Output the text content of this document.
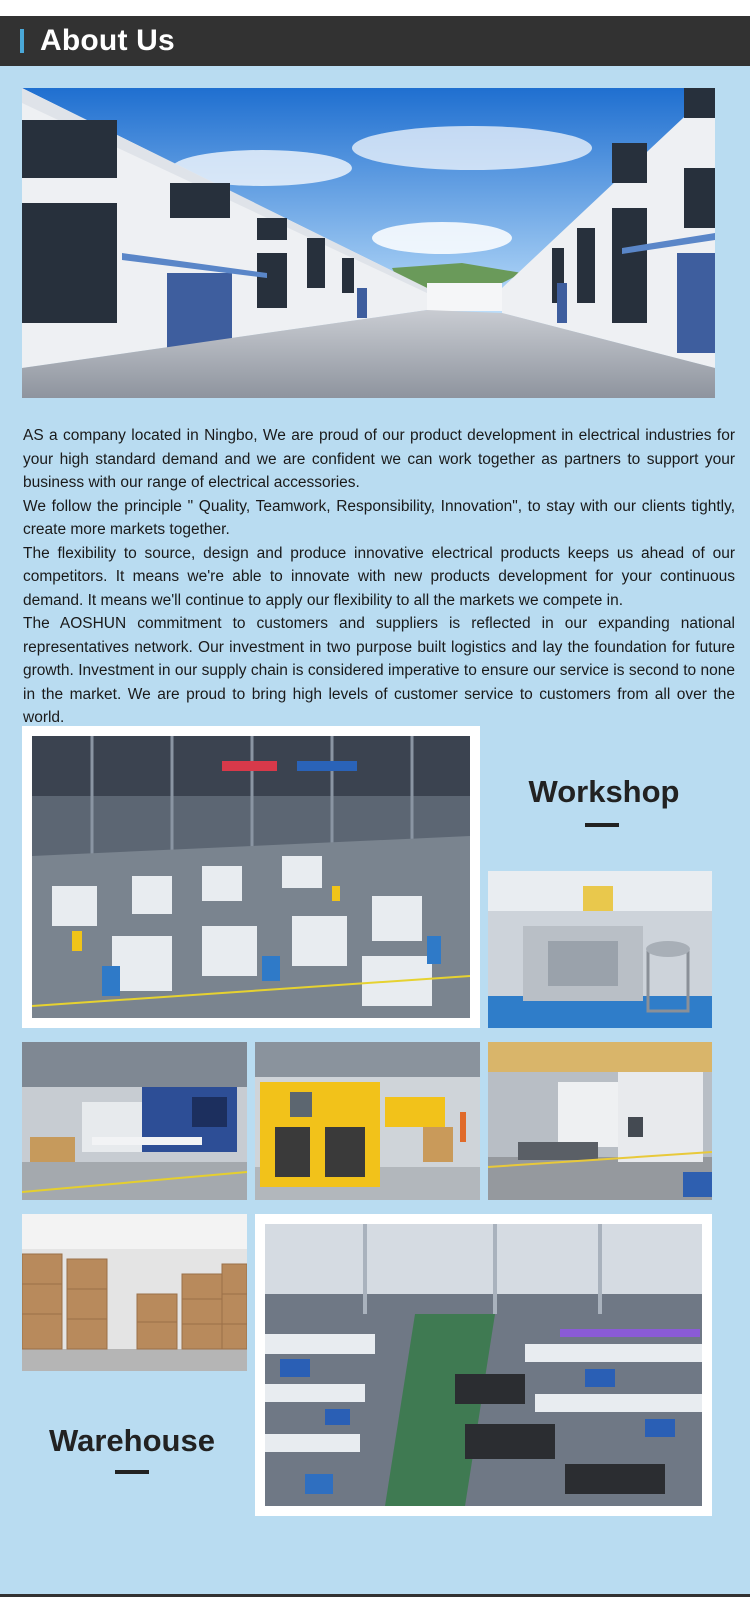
About Us

AS a company located in Ningbo, We are proud of our product development in electrical industries for your high standard demand and we are confident we can work together as partners to support your business with our range of electrical accessories.

We follow the principle " Quality, Teamwork, Responsibility, Innovation", to stay with our clients tightly, create more markets together.

The flexibility to source, design and produce innovative electrical products keeps us ahead of our competitors. It means we're able to innovate with new products development for your continuous demand. It means we'll continue to apply our flexibility to all the markets we compete in.

The AOSHUN commitment to customers and suppliers is reflected in our expanding national representatives network. Our investment in two purpose built logistics and lay the foundation for future growth. Investment in our supply chain is considered imperative to ensure our service is second to none in the market. We are proud to bring high levels of customer service to customers from all over the world.

Workshop
Warehouse
